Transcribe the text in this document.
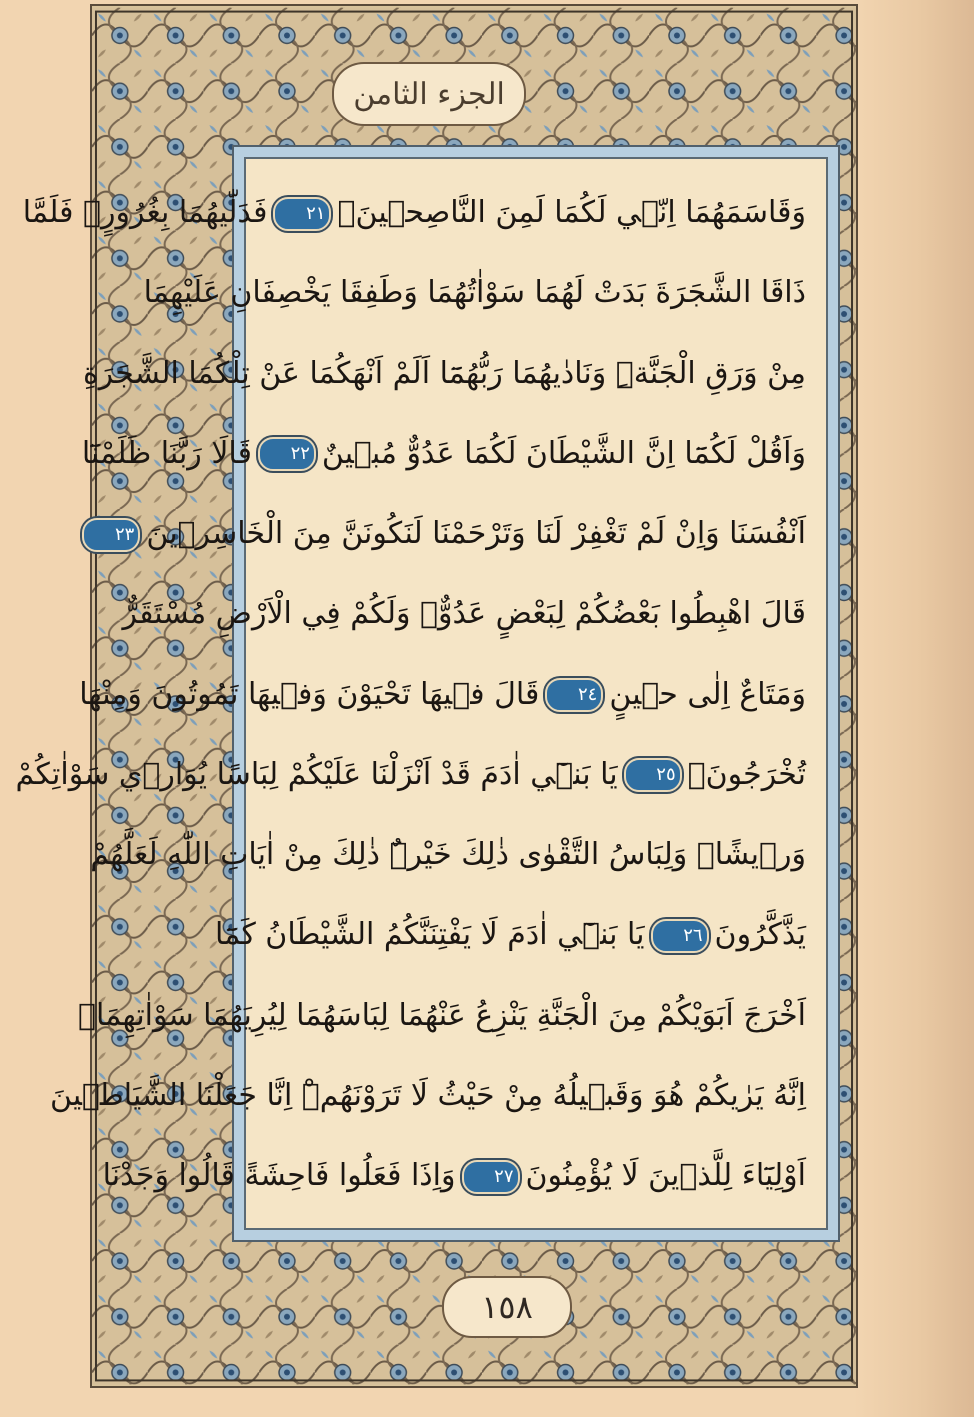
الجزء الثامن
وَقَاسَمَهُمَا اِنّ۪ي لَكُمَا لَمِنَ النَّاصِح۪ينَۙ٢١فَدَلّٰيهُمَا بِغُرُورٍۚ فَلَمَّا
ذَاقَا الشَّجَرَةَ بَدَتْ لَهُمَا سَوْاٰتُهُمَا وَطَفِقَا يَخْصِفَانِ عَلَيْهِمَا
مِنْ وَرَقِ الْجَنَّةِۜ وَنَادٰيهُمَا رَبُّهُمَٓا اَلَمْ اَنْهَكُمَا عَنْ تِلْكُمَا الشَّجَرَةِ
وَاَقُلْ لَكُمَٓا اِنَّ الشَّيْطَانَ لَكُمَا عَدُوٌّ مُب۪ينٌ٢٢قَالَا رَبَّنَا ظَلَمْنَٓا
اَنْفُسَنَا وَاِنْ لَمْ تَغْفِرْ لَنَا وَتَرْحَمْنَا لَنَكُونَنَّ مِنَ الْخَاسِر۪ينَ٢٣
قَالَ اهْبِطُوا بَعْضُكُمْ لِبَعْضٍ عَدُوٌّۚ وَلَكُمْ فِي الْاَرْضِ مُسْتَقَرٌّ
وَمَتَاعٌ اِلٰى ح۪ينٍ٢٤قَالَ ف۪يهَا تَحْيَوْنَ وَف۪يهَا تَمُوتُونَ وَمِنْهَا
تُخْرَجُونَ۟٢٥يَا بَن۪ٓي اٰدَمَ قَدْ اَنْزَلْنَا عَلَيْكُمْ لِبَاسًا يُوَار۪ي سَوْاٰتِكُمْ
وَر۪يشًاۜ وَلِبَاسُ التَّقْوٰى ذٰلِكَ خَيْرٌۜ ذٰلِكَ مِنْ اٰيَاتِ اللّٰهِ لَعَلَّهُمْ
يَذَّكَّرُونَ٢٦يَا بَن۪ٓي اٰدَمَ لَا يَفْتِنَنَّكُمُ الشَّيْطَانُ كَمَٓا
اَخْرَجَ اَبَوَيْكُمْ مِنَ الْجَنَّةِ يَنْزِعُ عَنْهُمَا لِبَاسَهُمَا لِيُرِيَهُمَا سَوْاٰتِهِمَاۜ
اِنَّهُ يَرٰيكُمْ هُوَ وَقَب۪يلُهُ مِنْ حَيْثُ لَا تَرَوْنَهُمْۜ اِنَّا جَعَلْنَا الشَّيَاط۪ينَ
اَوْلِيَٓاءَ لِلَّذ۪ينَ لَا يُؤْمِنُونَ٢٧وَاِذَا فَعَلُوا فَاحِشَةً قَالُوا وَجَدْنَا
١٥٨
